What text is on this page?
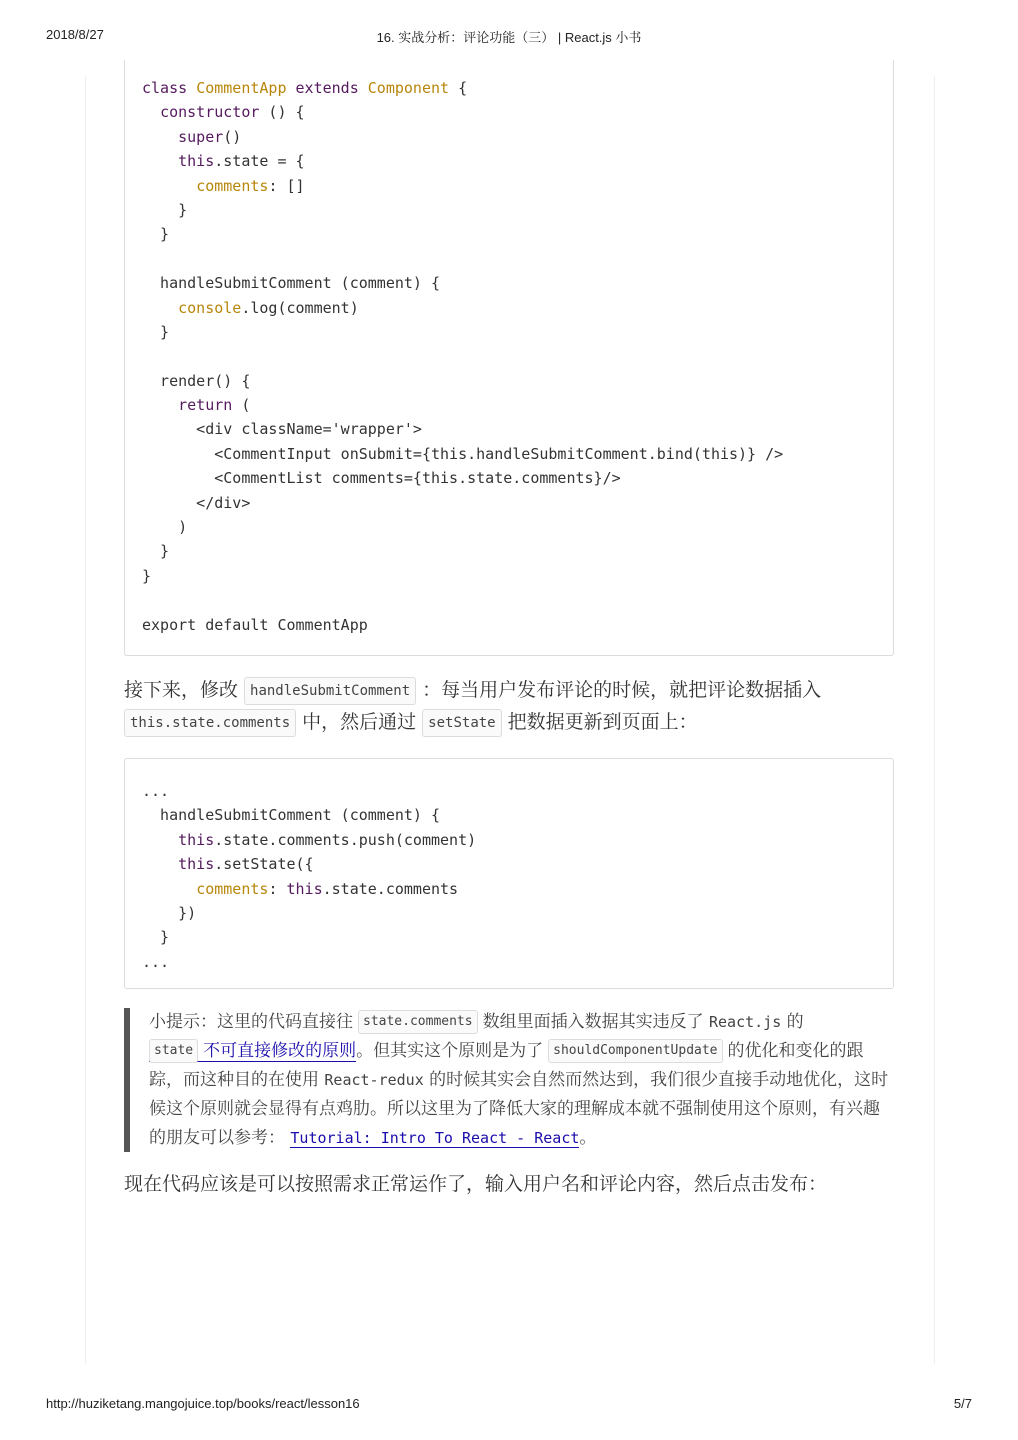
2018/8/27	16. 实战分析：评论功能（三） | React.js 小书
class CommentApp extends Component {
constructor () {
super()
this.state = {
comments: []
}
}
handleSubmitComment (comment) {
console.log(comment)
}
render() {
return (
<div className='wrapper'>
<CommentInput onSubmit={this.handleSubmitComment.bind(this)} />
<CommentList comments={this.state.comments}/>
</div>
)
}
}
export default CommentApp
接下来，修改 handleSubmitComment ：每当用户发布评论的时候，就把评论数据插入
this.state.comments 中，然后通过 setState 把数据更新到页面上：
...
handleSubmitComment (comment) {
this.state.comments.push(comment)
this.setState({
comments: this.state.comments
})
}
...
小提示：这里的代码直接往 state.comments 数组里面插入数据其实违反了 React.js 的
state 不可直接修改的原则。但其实这个原则是为了 shouldComponentUpdate 的优化和变化的跟踪，而这种目的在使用 React-redux 的时候其实会自然而然达到，我们很少直接手动地优化，这时候这个原则就会显得有点鸡肋。所以这里为了降低大家的理解成本就不强制使用这个原则，有兴趣的朋友可以参考： Tutorial: Intro To React - React。
现在代码应该是可以按照需求正常运作了，输入用户名和评论内容，然后点击发布：
http://huziketang.mangojuice.top/books/react/lesson16	5/7
